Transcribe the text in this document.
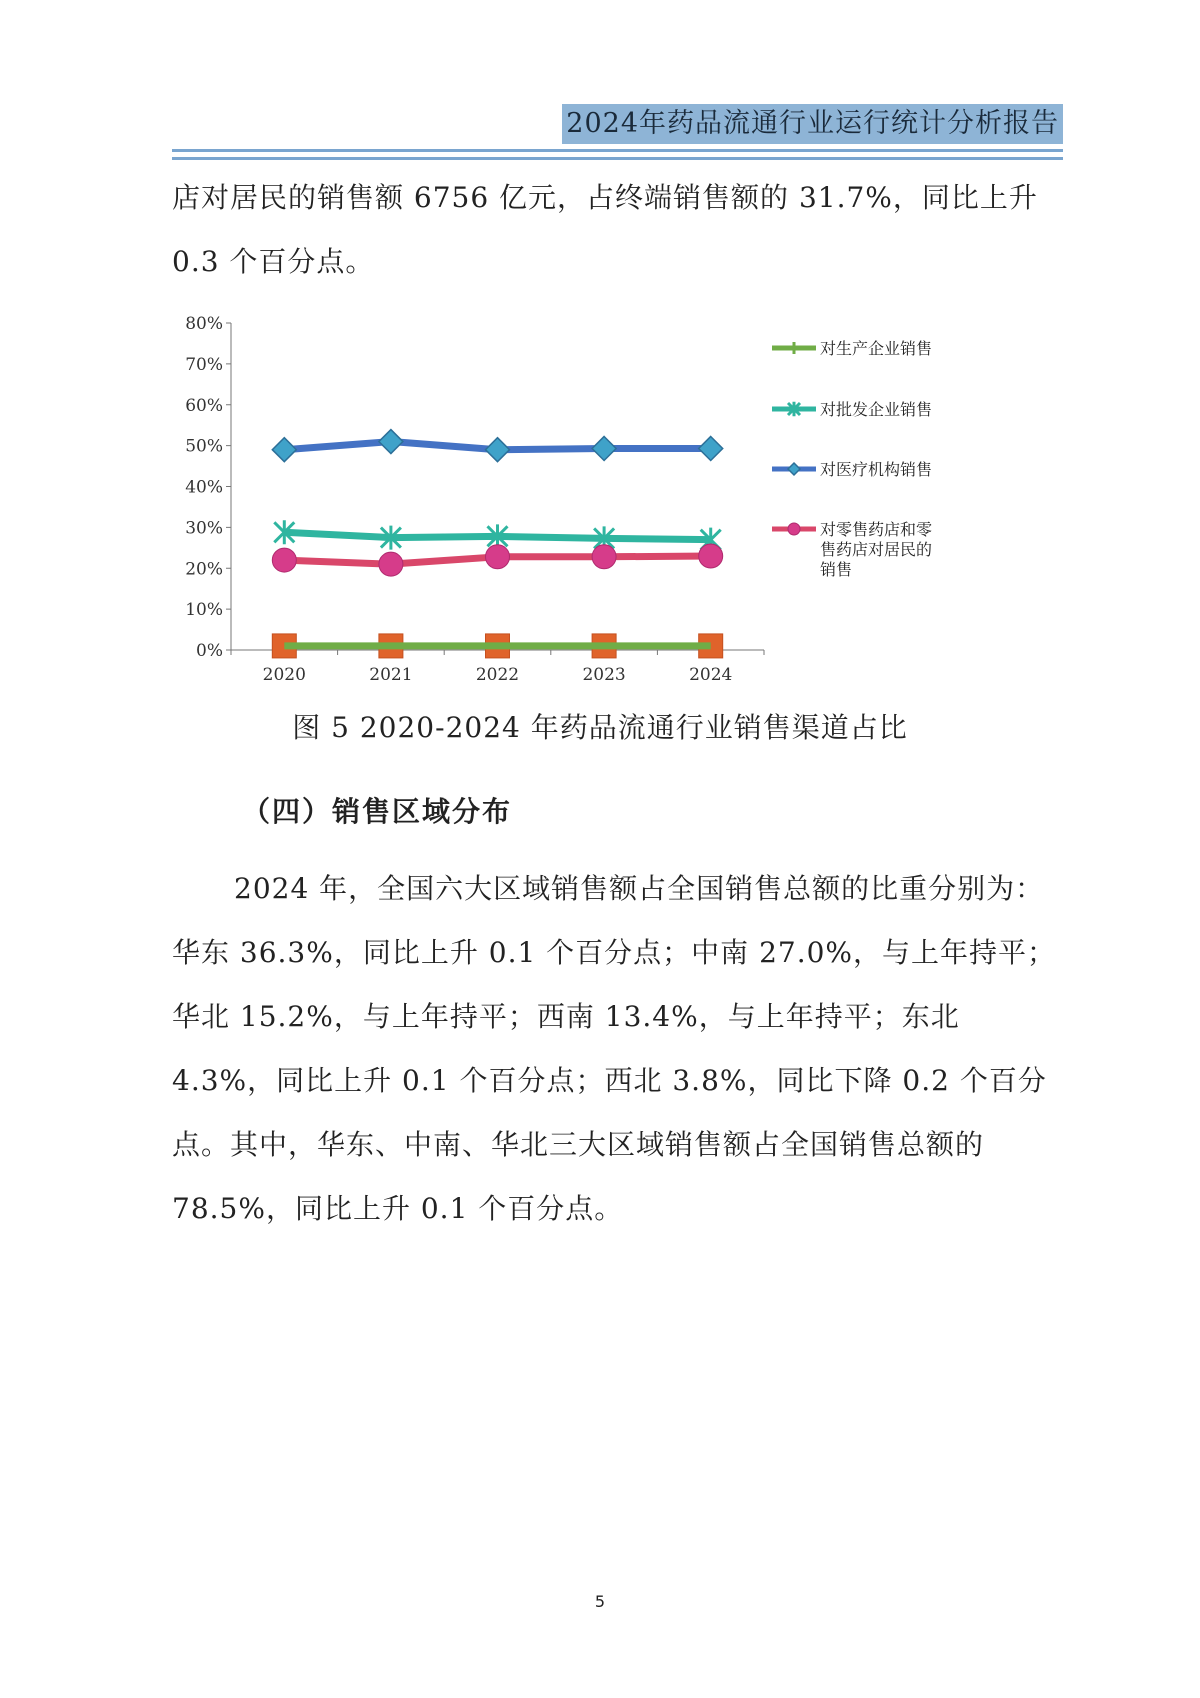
2024年药品流通行业运行统计分析报告

店对居民的销售额 6756 亿元，占终端销售额的 31.7%，同比上升 0.3 个百分点。

0%
10%
20%
30%
40%
50%
60%
70%
80%
2020	2021	2022	2023	2024
对生产企业销售
对批发企业销售
对医疗机构销售
对零售药店和零
售药店对居民的
销售
图 5 2020-2024 年药品流通行业销售渠道占比
（四）销售区域分布

2024 年，全国六大区域销售额占全国销售总额的比重分别为：华东 36.3%，同比上升 0.1 个百分点；中南 27.0%，与上年持平；华北 15.2%，与上年持平；西南 13.4%，与上年持平；东北 4.3%，同比上升 0.1 个百分点；西北 3.8%，同比下降 0.2 个百分点。其中，华东、中南、华北三大区域销售额占全国销售总额的 78.5%，同比上升 0.1 个百分点。

5
